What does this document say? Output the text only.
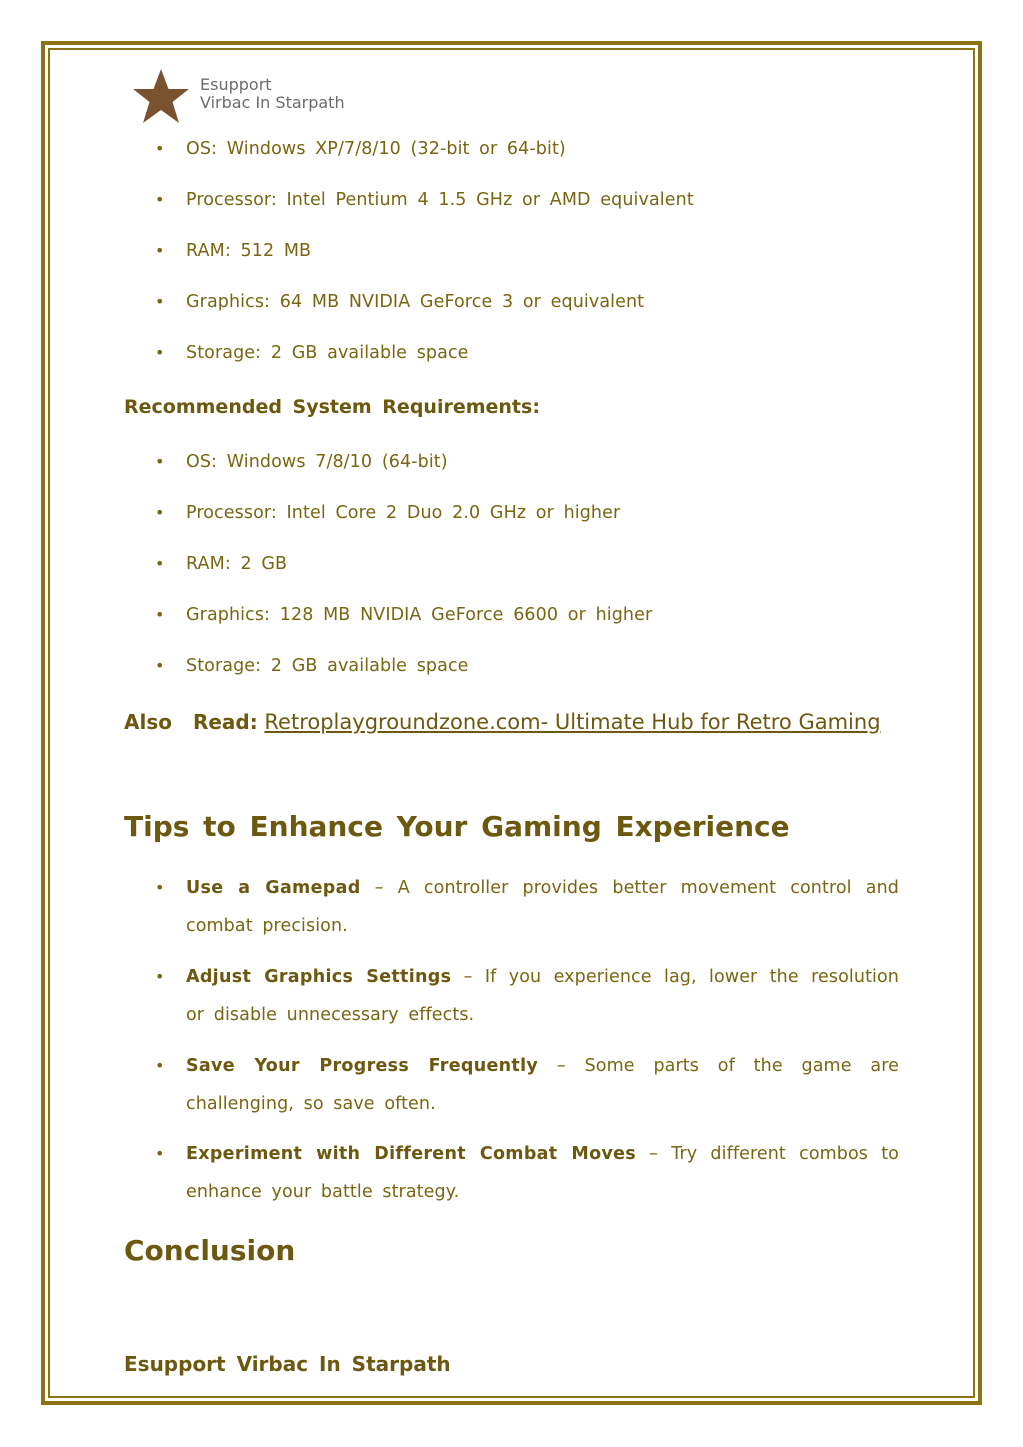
Esupport
Virbac In Starpath
• OS: Windows XP/7/8/10 (32-bit or 64-bit)
• Processor: Intel Pentium 4 1.5 GHz or AMD equivalent
• RAM: 512 MB
• Graphics: 64 MB NVIDIA GeForce 3 or equivalent
• Storage: 2 GB available space
Recommended System Requirements:
• OS: Windows 7/8/10 (64-bit)
• Processor: Intel Core 2 Duo 2.0 GHz or higher
• RAM: 2 GB
• Graphics: 128 MB NVIDIA GeForce 6600 or higher
• Storage: 2 GB available space
Also Read: Retroplaygroundzone.com- Ultimate Hub for Retro Gaming
Tips to Enhance Your Gaming Experience
• Use a Gamepad – A controller provides better movement control and combat precision.
• Adjust Graphics Settings – If you experience lag, lower the resolution or disable unnecessary effects.
• Save Your Progress Frequently – Some parts of the game are challenging, so save often.
• Experiment with Different Combat Moves – Try different combos to enhance your battle strategy.
Conclusion
Esupport Virbac In Starpath
